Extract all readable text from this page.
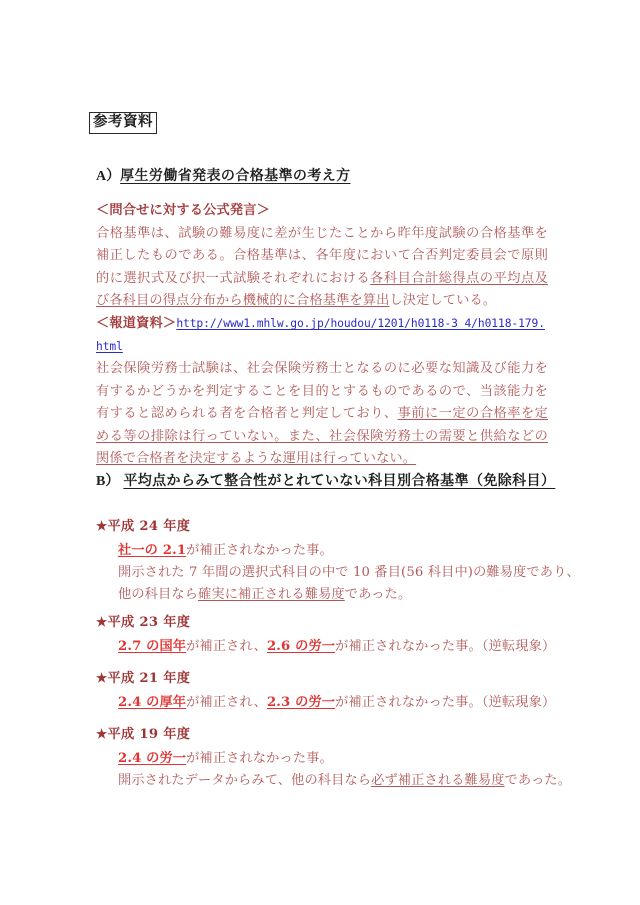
参考資料
A）厚生労働省発表の合格基準の考え方
＜問合せに対する公式発言＞
合格基準は、試験の難易度に差が生じたことから昨年度試験の合格基準を補正したものである。合格基準は、各年度において合否判定委員会で原則的に選択式及び択一式試験それぞれにおける各科目合計総得点の平均点及び各科目の得点分布から機械的に合格基準を算出し決定している。
＜報道資料＞http://www1.mhlw.go.jp/houdou/1201/h0118-3_4/h0118-179.html
社会保険労務士試験は、社会保険労務士となるのに必要な知識及び能力を有するかどうかを判定することを目的とするものであるので、当該能力を有すると認められる者を合格者と判定しており、事前に一定の合格率を定める等の排除は行っていない。また、社会保険労務士の需要と供給などの関係で合格者を決定するような運用は行っていない。
B） 平均点からみて整合性がとれていない科目別合格基準（免除科目）
★平成 24 年度
社一の 2.1が補正されなかった事。
開示された 7 年間の選択式科目の中で 10 番目(56 科目中)の難易度であり、
他の科目なら確実に補正される難易度であった。
★平成 23 年度
2.7 の国年が補正され、2.6 の労一が補正されなかった事。（逆転現象）
★平成 21 年度
2.4 の厚年が補正され、2.3 の労一が補正されなかった事。（逆転現象）
★平成 19 年度
2.4 の労一が補正されなかった事。
開示されたデータからみて、他の科目なら必ず補正される難易度であった。
